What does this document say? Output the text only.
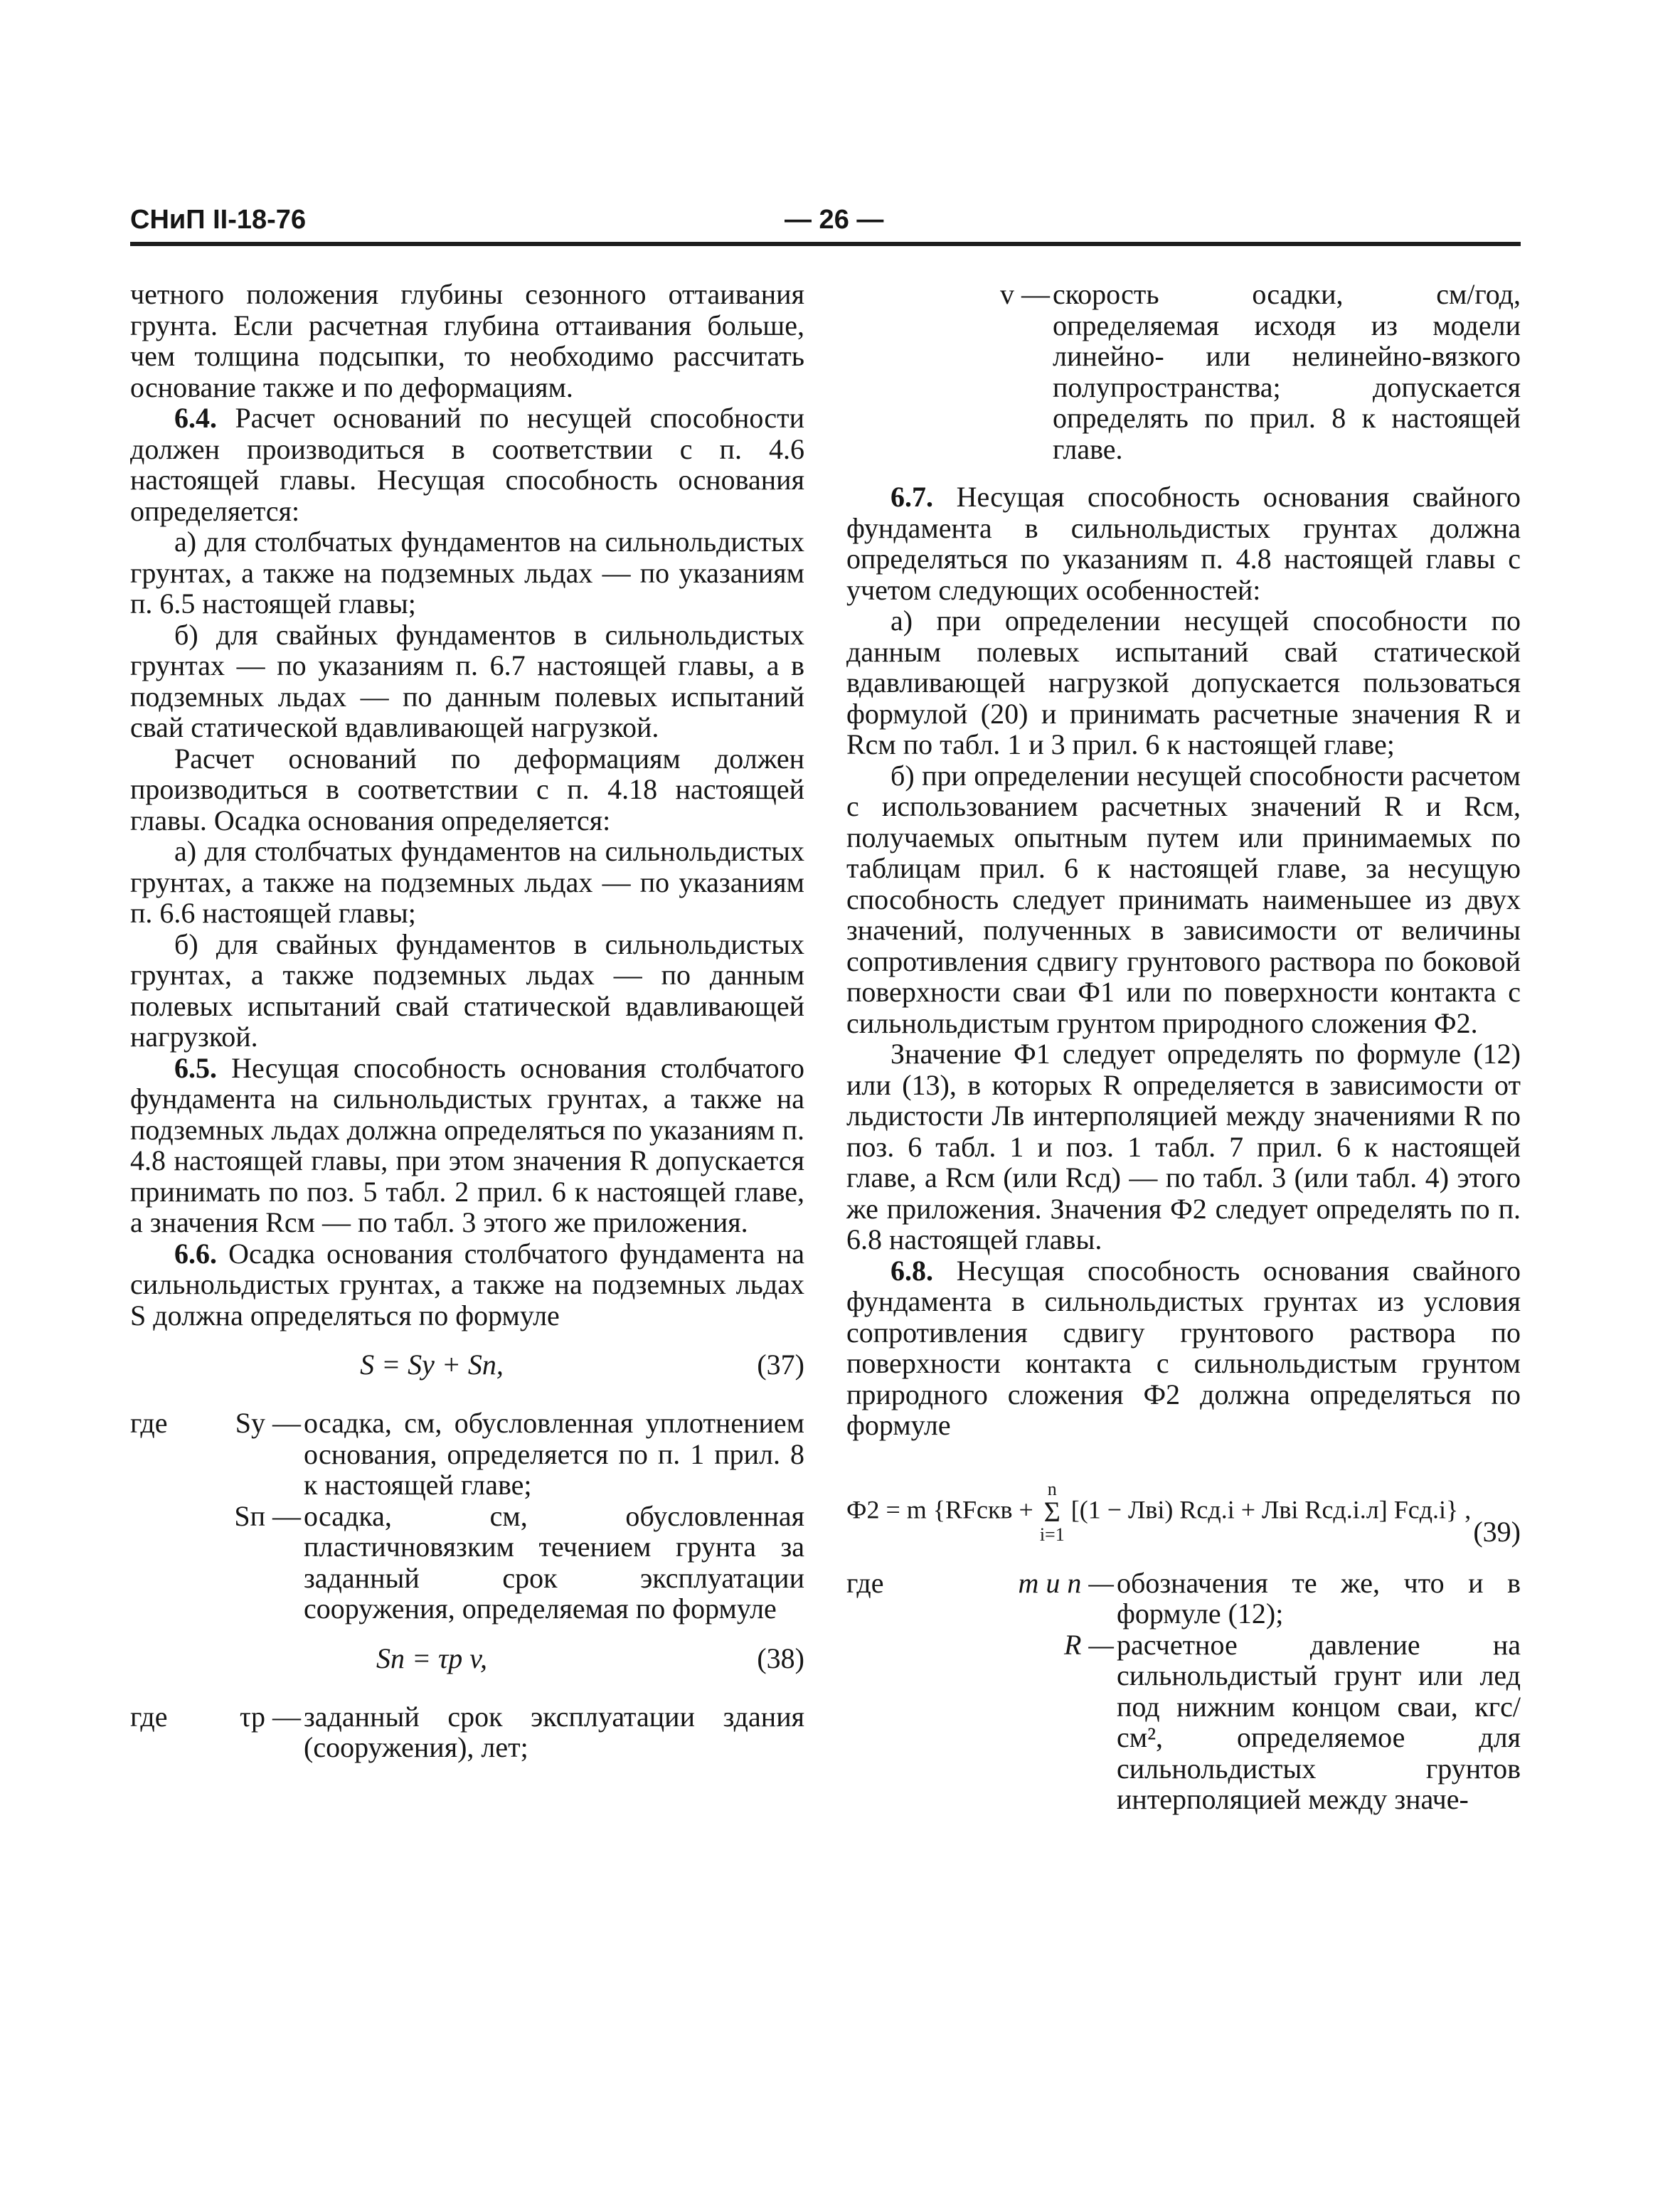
СНиП II-18-76	— 26 —

четного положения глубины сезонного оттаивания грунта. Если расчетная глубина оттаивания больше, чем толщина подсыпки, то необходимо рассчитать основание также и по деформациям.

6.4. Расчет оснований по несущей способности должен производиться в соответствии с п. 4.6 настоящей главы. Несущая способность основания определяется:

а) для столбчатых фундаментов на сильнольдистых грунтах, а также на подземных льдах — по указаниям п. 6.5 настоящей главы;

б) для свайных фундаментов в сильнольдистых грунтах — по указаниям п. 6.7 настоящей главы, а в подземных льдах — по данным полевых испытаний свай статической вдавливающей нагрузкой.

Расчет оснований по деформациям должен производиться в соответствии с п. 4.18 настоящей главы. Осадка основания определяется:

а) для столбчатых фундаментов на сильнольдистых грунтах, а также на подземных льдах — по указаниям п. 6.6 настоящей главы;

б) для свайных фундаментов в сильнольдистых грунтах, а также подземных льдах — по данным полевых испытаний свай статической вдавливающей нагрузкой.

6.5. Несущая способность основания столбчатого фундамента на сильнольдистых грунтах, а также на подземных льдах должна определяться по указаниям п. 4.8 настоящей главы, при этом значения R допускается принимать по поз. 5 табл. 2 прил. 6 к настоящей главе, а значения Rсм — по табл. 3 этого же приложения.

6.6. Осадка основания столбчатого фундамента на сильнольдистых грунтах, а также на подземных льдах S должна определяться по формуле

S = Sу + Sп,	(37)
где	Sу — осадка, см, обусловленная уплотнением основания, определяется по п. 1 прил. 8 к настоящей главе;
Sп — осадка, см, обусловленная пластичновязким течением грунта за заданный срок эксплуатации сооружения, определяемая по формуле
Sп = τр v,	(38)
где	τр — заданный срок эксплуатации здания (сооружения), лет;
v — скорость осадки, см/год, определяемая исходя из модели линейно- или нелинейно-вязкого полупространства; допускается определять по прил. 8 к настоящей главе.

6.7. Несущая способность основания свайного фундамента в сильнольдистых грунтах должна определяться по указаниям п. 4.8 настоящей главы с учетом следующих особенностей:

а) при определении несущей способности по данным полевых испытаний свай статической вдавливающей нагрузкой допускается пользоваться формулой (20) и принимать расчетные значения R и Rсм по табл. 1 и 3 прил. 6 к настоящей главе;

б) при определении несущей способности расчетом с использованием расчетных значений R и Rсм, получаемых опытным путем или принимаемых по таблицам прил. 6 к настоящей главе, за несущую способность следует принимать наименьшее из двух значений, полученных в зависимости от величины сопротивления сдвигу грунтового раствора по боковой поверхности сваи Ф1 или по поверхности контакта с сильнольдистым грунтом природного сложения Ф2.

Значение Ф1 следует определять по формуле (12) или (13), в которых R определяется в зависимости от льдистости Лв интерполяцией между значениями R по поз. 6 табл. 1 и поз. 1 табл. 7 прил. 6 к настоящей главе, а Rсм (или Rсд) — по табл. 3 (или табл. 4) этого же приложения. Значения Ф2 следует определять по п. 6.8 настоящей главы.

6.8. Несущая способность основания свайного фундамента в сильнольдистых грунтах из условия сопротивления сдвигу грунтового раствора по поверхности контакта с сильнольдистым грунтом природного сложения Ф2 должна определяться по формуле

Ф2 = m {RFскв + n
Σ
i=1 [(1 − Лвi) Rсд.i + Лвi Rсд.i.л] Fсд.i} ,
(39)
где	m и n — обозначения те же, что и в формуле (12);
R — расчетное давление на сильнольдистый грунт или лед под нижним концом сваи, кгс/см², определяемое для сильнольдистых грунтов интерполяцией между значе-
